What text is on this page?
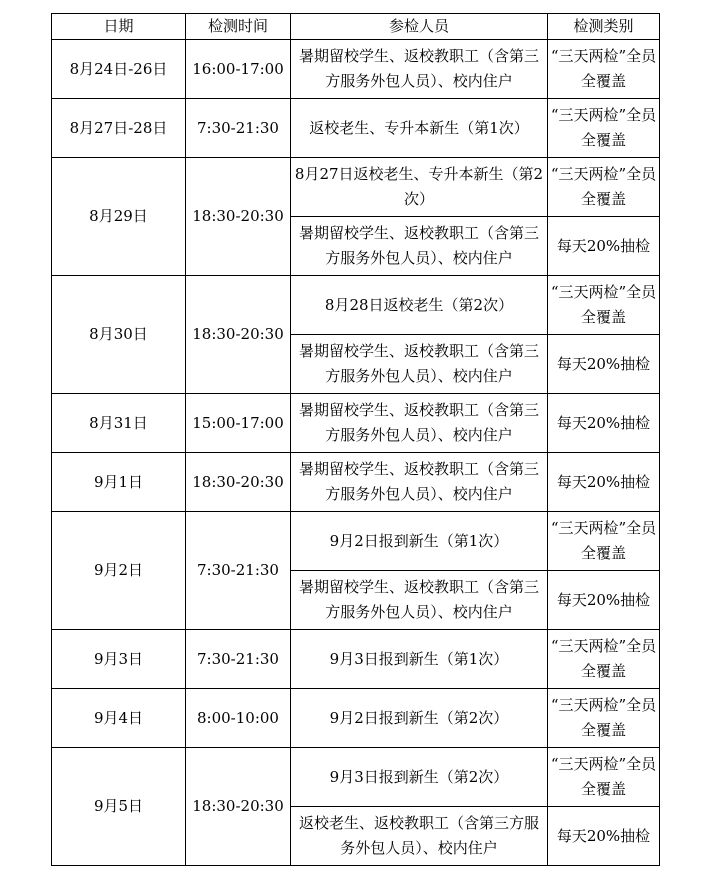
日期	检测时间	参检人员	检测类别
8月24日-26日	16:00-17:00	暑期留校学生、返校教职工（含第三方服务外包人员）、校内住户	“三天两检”全员全覆盖
8月27日-28日	7:30-21:30	返校老生、专升本新生（第1次）	“三天两检”全员全覆盖
8月29日	18:30-20:30	8月27日返校老生、专升本新生（第2次）	“三天两检”全员全覆盖
		暑期留校学生、返校教职工（含第三方服务外包人员）、校内住户	每天20%抽检
8月30日	18:30-20:30	8月28日返校老生（第2次）	“三天两检”全员全覆盖
		暑期留校学生、返校教职工（含第三方服务外包人员）、校内住户	每天20%抽检
8月31日	15:00-17:00	暑期留校学生、返校教职工（含第三方服务外包人员）、校内住户	每天20%抽检
9月1日	18:30-20:30	暑期留校学生、返校教职工（含第三方服务外包人员）、校内住户	每天20%抽检
9月2日	7:30-21:30	9月2日报到新生（第1次）	“三天两检”全员全覆盖
		暑期留校学生、返校教职工（含第三方服务外包人员）、校内住户	每天20%抽检
9月3日	7:30-21:30	9月3日报到新生（第1次）	“三天两检”全员全覆盖
9月4日	8:00-10:00	9月2日报到新生（第2次）	“三天两检”全员全覆盖
9月5日	18:30-20:30	9月3日报到新生（第2次）	“三天两检”全员全覆盖
		返校老生、返校教职工（含第三方服务外包人员）、校内住户	每天20%抽检
